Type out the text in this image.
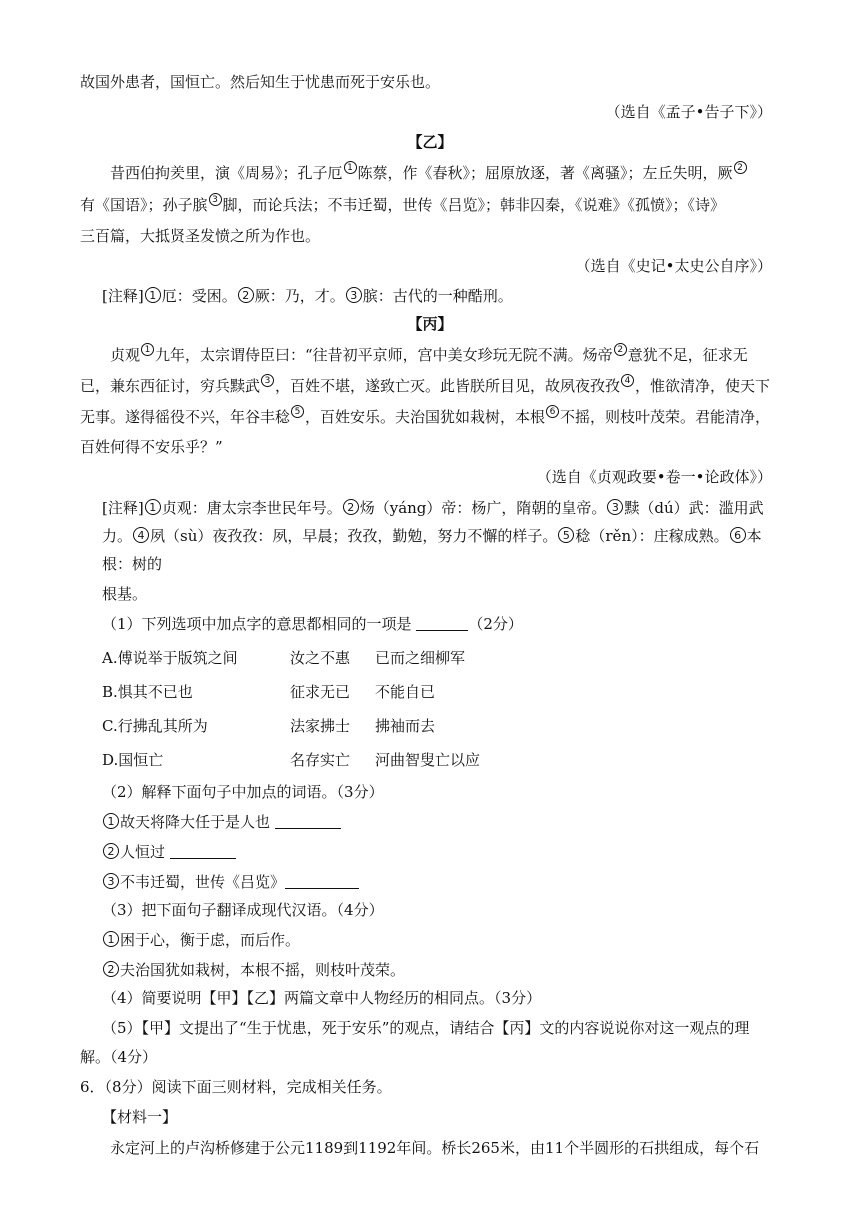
故国外患者，国恒亡。然后知生于忧患而死于安乐也。
（选自《孟子•告子下》）
【乙】
昔西伯拘羑里，演《周易》；孔子厄 1 陈蔡，作《春秋》；屈原放逐，著《离骚》；左丘失明，厥 2
有《国语》；孙子膑 3 脚，而论兵法；不韦迁蜀，世传《吕览》；韩非囚秦，《说难》《孤愤》；《诗》
三百篇，大抵贤圣发愤之所为作也。
（选自《史记•太史公自序》）
[注释] 1 厄：受困。 2 厥：乃，才。 3 膑：古代的一种酷刑。
【丙】
贞观 1 九年，太宗谓侍臣曰：“往昔初平京师，宫中美女珍玩无院不满。炀帝 2 意犹不足，征求无
已，兼东西征讨，穷兵黩武 3 ，百姓不堪，遂致亡灭。此皆朕所目见，故夙夜孜孜 4 ，惟欲清净，使天下
无事。遂得徭役不兴，年谷丰稔 5 ，百姓安乐。夫治国犹如栽树，本根 6 不摇，则枝叶茂荣。君能清净，
百姓何得不安乐乎？”
（选自《贞观政要•卷一•论政体》）
[注释] 1 贞观：唐太宗李世民年号。 2 炀（yáng）帝：杨广，隋朝的皇帝。 3 黩（dú）武：滥用武
力。 4 夙（sù）夜孜孜：夙，早晨；孜孜，勤勉，努力不懈的样子。 5 稔（rěn）：庄稼成熟。 6 本
根：树的
根基。
（1）下列选项中加点字的意思都相同的一项是	（2分）
A.傅说举于版筑之间	汝之不惠 已而之细柳军
B.惧其不已也	征求无已 不能自已
C.行拂乱其所为	法家拂士 拂袖而去
D.国恒亡	名存实亡 河曲智叟亡以应
（2）解释下面句子中加点的词语。（3分）
1 故天将降大任于是人也
2 人恒过
3 不韦迁蜀，世传《吕览》
（3）把下面句子翻译成现代汉语。（4分）
1 困于心，衡于虑，而后作。
2 夫治国犹如栽树，本根不摇，则枝叶茂荣。
（4）简要说明【甲】【乙】两篇文章中人物经历的相同点。（3分）
（5）【甲】文提出了“生于忧患，死于安乐”的观点，请结合【丙】文的内容说说你对这一观点的理
解。（4分）
6．（8分）阅读下面三则材料，完成相关任务。
【材料一】
永定河上的卢沟桥修建于公元1189到1192年间。桥长265米，由11个半圆形的石拱组成，每个石
